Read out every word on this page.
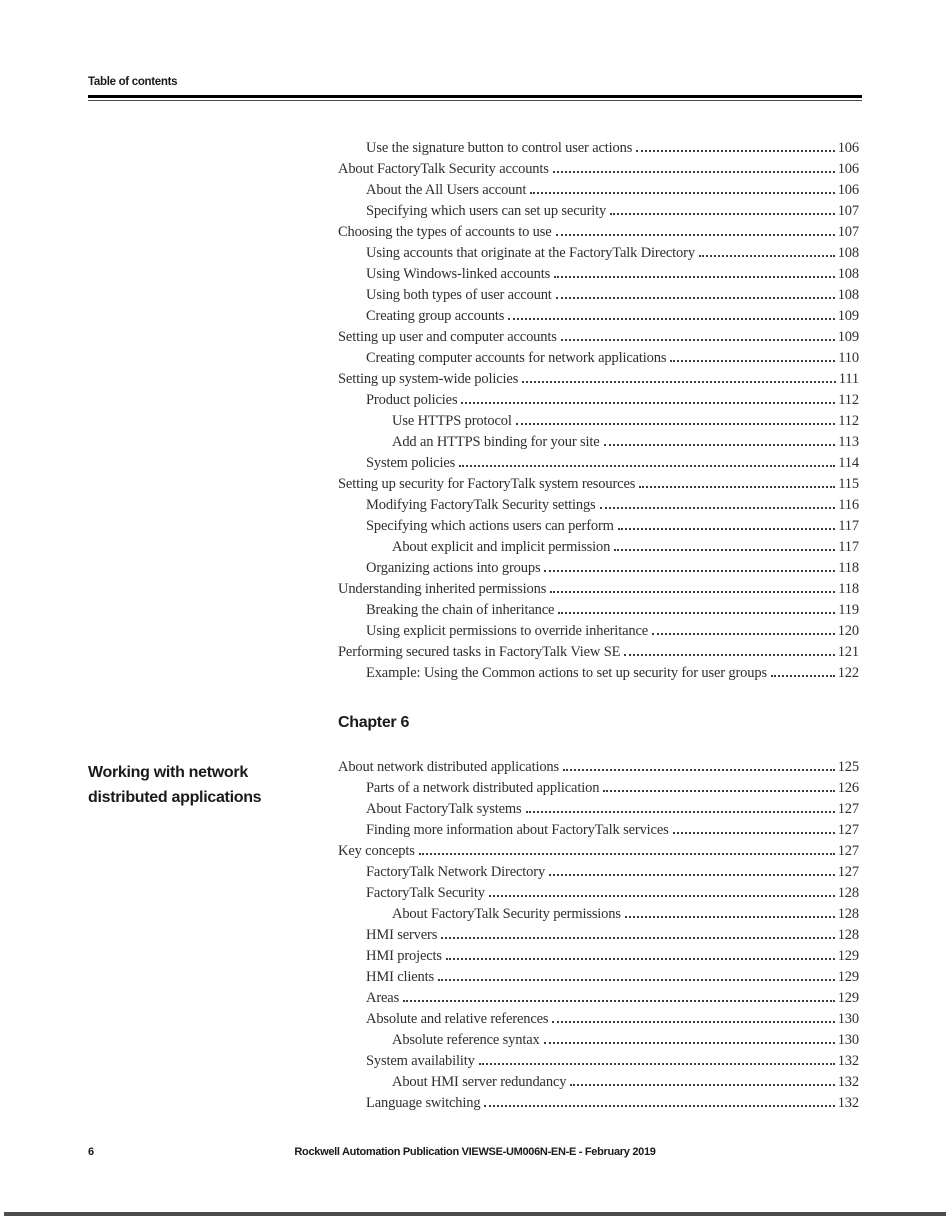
Table of contents
Use the signature button to control user actions	106
About FactoryTalk Security accounts	106
About the All Users account	106
Specifying which users can set up security	107
Choosing the types of accounts to use	107
Using accounts that originate at the FactoryTalk Directory	108
Using Windows-linked accounts	108
Using both types of user account	108
Creating group accounts	109
Setting up user and computer accounts	109
Creating computer accounts for network applications	110
Setting up system-wide policies	111
Product policies	112
Use HTTPS protocol	112
Add an HTTPS binding for your site	113
System policies	114
Setting up security for FactoryTalk system resources	115
Modifying FactoryTalk Security settings	116
Specifying which actions users can perform	117
About explicit and implicit permission	117
Organizing actions into groups	118
Understanding inherited permissions	118
Breaking the chain of inheritance	119
Using explicit permissions to override inheritance	120
Performing secured tasks in FactoryTalk View SE	121
Example: Using the Common actions to set up security for user groups	122
Chapter 6
Working with network
distributed applications
About network distributed applications	125
Parts of a network distributed application	126
About FactoryTalk systems	127
Finding more information about FactoryTalk services	127
Key concepts	127
FactoryTalk Network Directory	127
FactoryTalk Security	128
About FactoryTalk Security permissions	128
HMI servers	128
HMI projects	129
HMI clients	129
Areas	129
Absolute and relative references	130
Absolute reference syntax	130
System availability	132
About HMI server redundancy	132
Language switching	132
6	Rockwell Automation Publication VIEWSE-UM006N-EN-E - February 2019
